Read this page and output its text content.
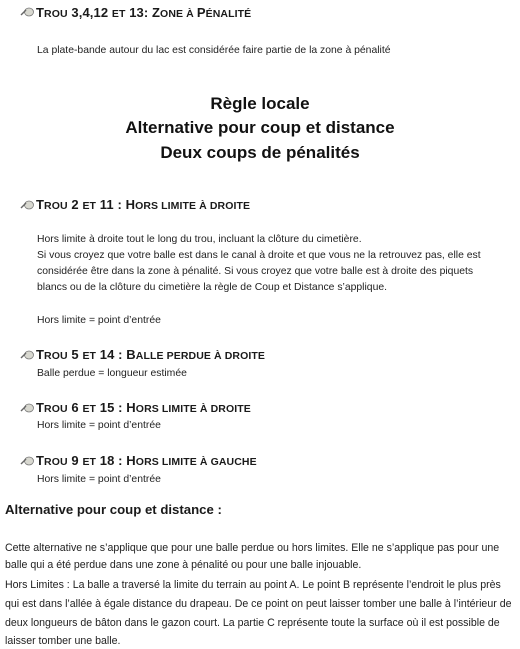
TROU 3,4,12 ET 13: ZONE À PÉNALITÉ
La plate-bande autour du lac est considérée faire partie de la zone à pénalité
Règle locale
Alternative pour coup et distance
Deux coups de pénalités
TROU 2 ET 11 : HORS LIMITE À DROITE
Hors limite à droite tout le long du trou, incluant la clôture du cimetière.
Si vous croyez que votre balle est dans le canal à droite et que vous ne la retrouvez pas, elle est
considérée être dans la zone à pénalité. Si vous croyez que votre balle est à droite des piquets
blancs ou de la clôture du cimetière la règle de Coup et Distance s’applique.
Hors limite = point d’entrée
TROU 5 ET 14 : BALLE PERDUE À DROITE
Balle perdue = longueur estimée
TROU 6 ET 15 : HORS LIMITE À DROITE
Hors limite = point d’entrée
TROU 9 ET 18 : HORS LIMITE À GAUCHE
Hors limite = point d’entrée
Alternative pour coup et distance :
Cette alternative ne s’applique que pour une balle perdue ou hors limites. Elle ne s’applique pas pour une
balle qui a été perdue dans une zone à pénalité ou pour une balle injouable.
Hors Limites : La balle a traversé la limite du terrain au point A. Le point B représente l’endroit le plus près
qui est dans l’allée à égale distance du drapeau. De ce point on peut laisser tomber une balle à l’intérieur de
deux longueurs de bâton dans le gazon court. La partie C représente toute la surface où il est possible de
laisser tomber une balle.
